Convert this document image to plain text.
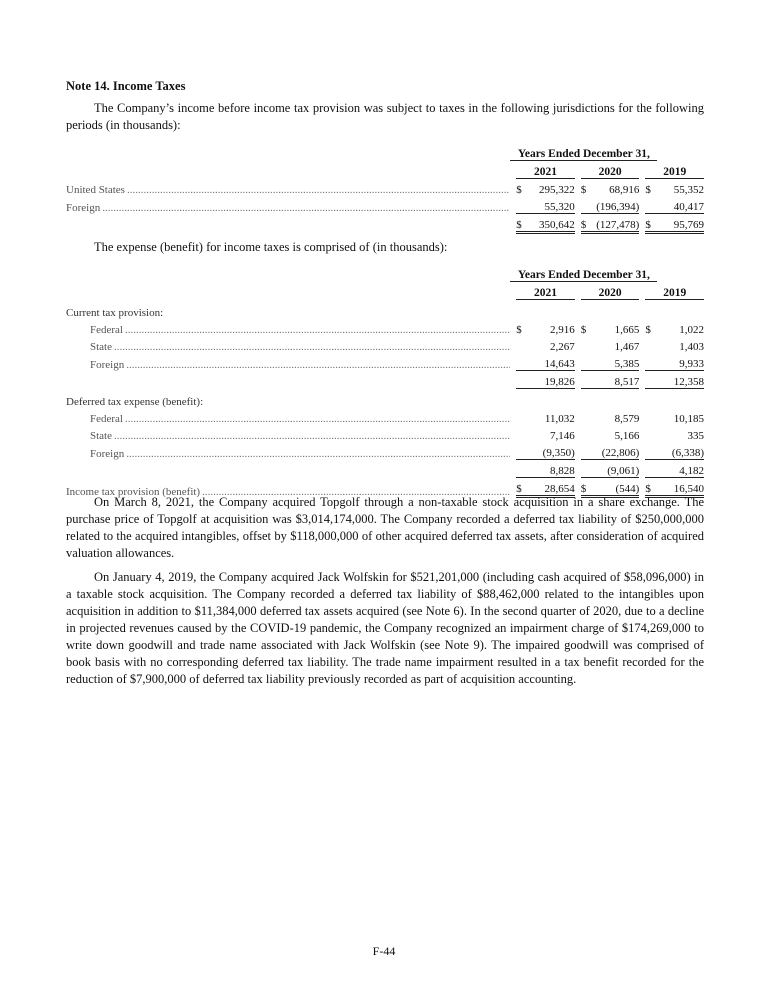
Note 14. Income Taxes

The Company’s income before income tax provision was subject to taxes in the following jurisdictions for the following periods (in thousands):

	Years Ended December 31,								
		2021			2020			2019	

United States .....		$	295,322		$	68,916		$	55,352

Foreign .....			55,320			(196,394)			40,417
		$	350,642		$	(127,478)		$	95,769

The expense (benefit) for income taxes is comprised of (in thousands):

	Years Ended December 31,								
		2021			2020			2019	

Current tax provision:									

Federal .....		$	2,916		$	1,665		$	1,022

State .....			2,267			1,467			1,403

Foreign .....			14,643			5,385			9,933
			19,826			8,517			12,358

Deferred tax expense (benefit):									

Federal .....			11,032			8,579			10,185

State .....			7,146			5,166			335

Foreign .....			(9,350)			(22,806)			(6,338)
			8,828			(9,061)			4,182

Income tax provision (benefit) .....		$	28,654		$	(544)		$	16,540

On March 8, 2021, the Company acquired Topgolf through a non-taxable stock acquisition in a share exchange. The purchase price of Topgolf at acquisition was $3,014,174,000. The Company recorded a deferred tax liability of $250,000,000 related to the acquired intangibles, offset by $118,000,000 of other acquired deferred tax assets, after consideration of acquired valuation allowances.

On January 4, 2019, the Company acquired Jack Wolfskin for $521,201,000 (including cash acquired of $58,096,000) in a taxable stock acquisition. The Company recorded a deferred tax liability of $88,462,000 related to the intangibles upon acquisition in addition to $11,384,000 deferred tax assets acquired (see Note 6). In the second quarter of 2020, due to a decline in projected revenues caused by the COVID-19 pandemic, the Company recognized an impairment charge of $174,269,000 to write down goodwill and trade name associated with Jack Wolfskin (see Note 9). The impaired goodwill was comprised of book basis with no corresponding deferred tax liability. The trade name impairment resulted in a tax benefit recorded for the reduction of $7,900,000 of deferred tax liability previously recorded as part of acquisition accounting.

F-44
